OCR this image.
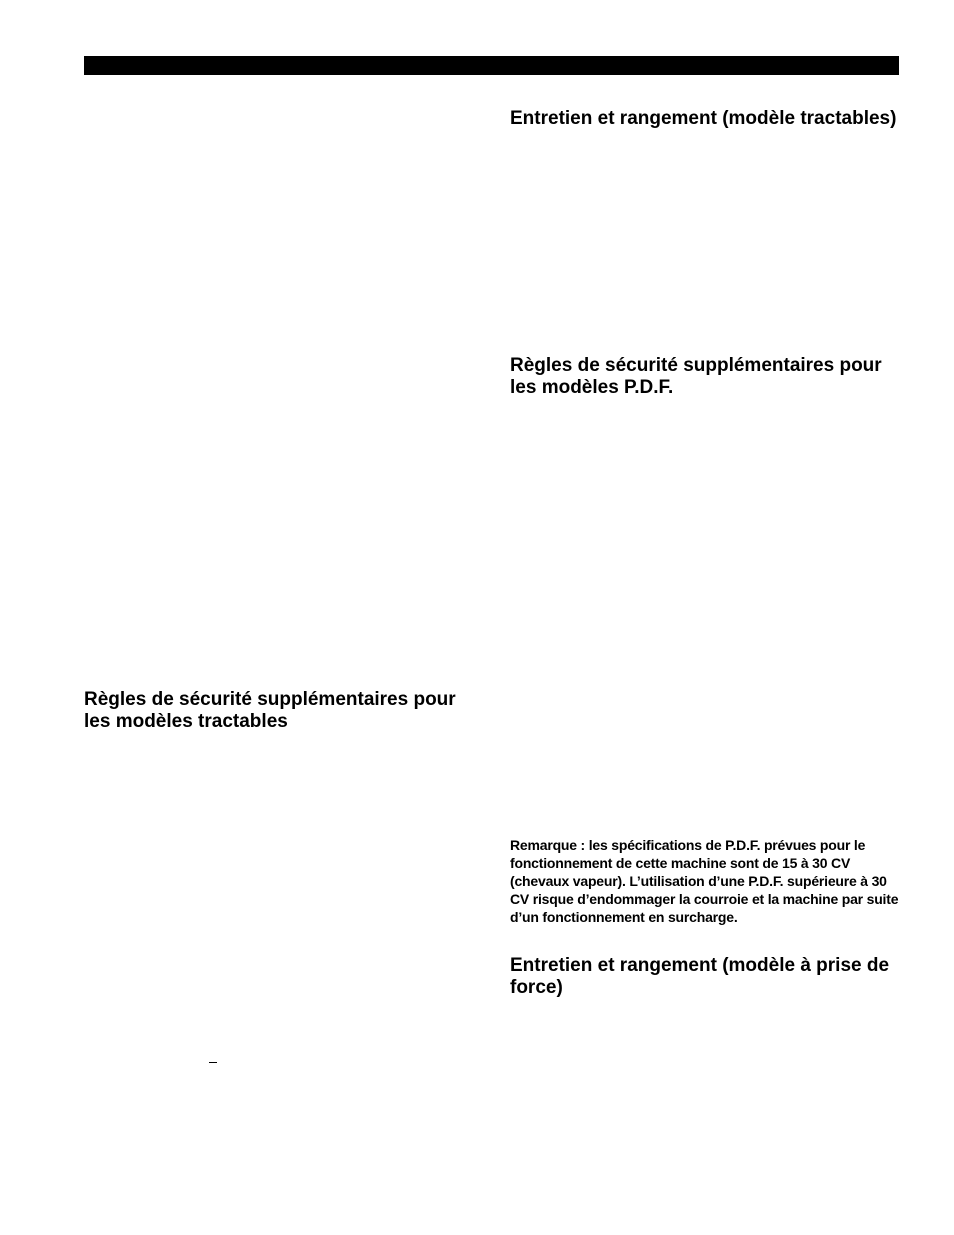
Entretien et rangement (modèle tractables)
Règles de sécurité supplémentaires pour les modèles P.D.F.
Règles de sécurité supplémentaires pour les modèles tractables

Remarque : les spécifications de P.D.F. prévues pour le fonctionnement de cette machine sont de 15 à 30 CV (chevaux vapeur). L’utilisation d’une P.D.F. supérieure à 30 CV risque d’endommager la courroie et la machine par suite d’un fonctionnement en surcharge.

Entretien et rangement (modèle à prise de force)
